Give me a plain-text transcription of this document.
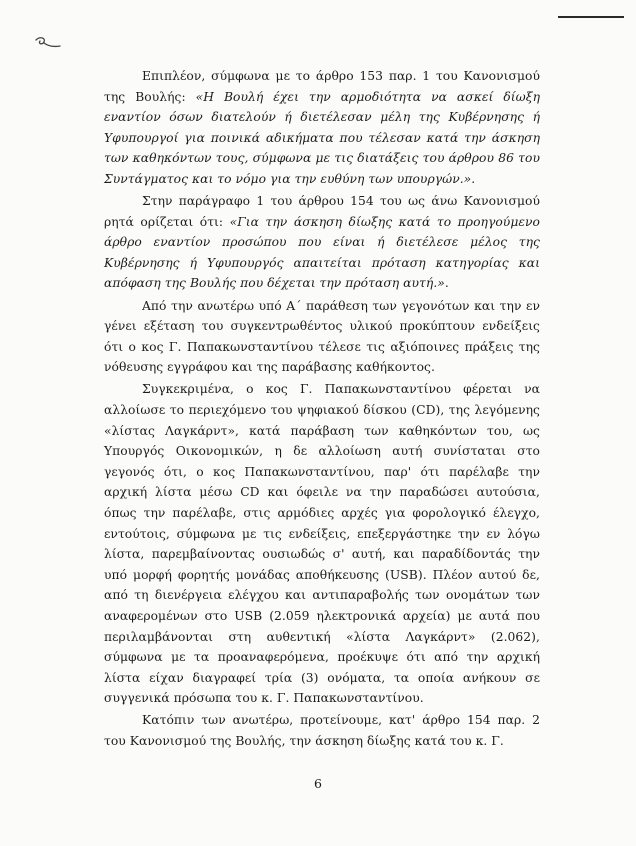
Επιπλέον, σύμφωνα με το άρθρο 153 παρ. 1 του Κανονισμού της Βουλής: «Η Βουλή έχει την αρμοδιότητα να ασκεί δίωξη εναντίον όσων διατελούν ή διετέλεσαν μέλη της Κυβέρνησης ή Υφυπουργοί για ποινικά αδικήματα που τέλεσαν κατά την άσκηση των καθηκόντων τους, σύμφωνα με τις διατάξεις του άρθρου 86 του Συντάγματος και το νόμο για την ευθύνη των υπουργών.».

Στην παράγραφο 1 του άρθρου 154 του ως άνω Κανονισμού ρητά ορίζεται ότι: «Για την άσκηση δίωξης κατά το προηγούμενο άρθρο εναντίον προσώπου που είναι ή διετέλεσε μέλος της Κυβέρνησης ή Υφυπουργός απαιτείται πρόταση κατηγορίας και απόφαση της Βουλής που δέχεται την πρόταση αυτή.».

Από την ανωτέρω υπό Α΄ παράθεση των γεγονότων και την εν γένει εξέταση του συγκεντρωθέντος υλικού προκύπτουν ενδείξεις ότι ο κος Γ. Παπακωνσταντίνου τέλεσε τις αξιόποινες πράξεις της νόθευσης εγγράφου και της παράβασης καθήκοντος.

Συγκεκριμένα, ο κος Γ. Παπακωνσταντίνου φέρεται να αλλοίωσε το περιεχόμενο του ψηφιακού δίσκου (CD), της λεγόμενης «λίστας Λαγκάρντ», κατά παράβαση των καθηκόντων του, ως Υπουργός Οικονομικών, η δε αλλοίωση αυτή συνίσταται στο γεγονός ότι, ο κος Παπακωνσταντίνου, παρ' ότι παρέλαβε την αρχική λίστα μέσω CD και όφειλε να την παραδώσει αυτούσια, όπως την παρέλαβε, στις αρμόδιες αρχές για φορολογικό έλεγχο, εντούτοις, σύμφωνα με τις ενδείξεις, επεξεργάστηκε την εν λόγω λίστα, παρεμβαίνοντας ουσιωδώς σ' αυτή, και παραδίδοντάς την υπό μορφή φορητής μονάδας αποθήκευσης (USB). Πλέον αυτού δε, από τη διενέργεια ελέγχου και αντιπαραβολής των ονομάτων των αναφερομένων στο USB (2.059 ηλεκτρονικά αρχεία) με αυτά που περιλαμβάνονται στη αυθεντική «λίστα Λαγκάρντ» (2.062), σύμφωνα με τα προαναφερόμενα, προέκυψε ότι από την αρχική λίστα είχαν διαγραφεί τρία (3) ονόματα, τα οποία ανήκουν σε συγγενικά πρόσωπα του κ. Γ. Παπακωνσταντίνου.

Κατόπιν των ανωτέρω, προτείνουμε, κατ' άρθρο 154 παρ. 2 του Κανονισμού της Βουλής, την άσκηση δίωξης κατά του κ. Γ.

6
